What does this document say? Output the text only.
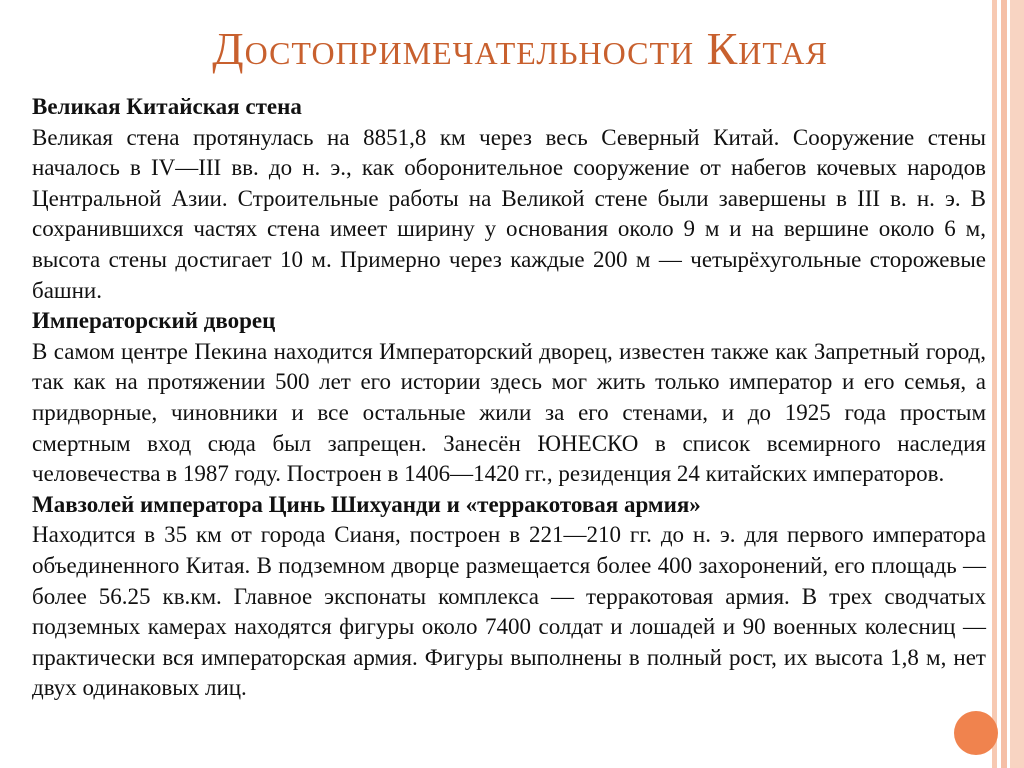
Достопримечательности Китая

Великая Китайская стена

Великая стена протянулась на 8851,8 км через весь Северный Китай. Сооружение стены началось в IV—III вв. до н. э., как оборонительное сооружение от набегов кочевых народов Центральной Азии. Строительные работы на Великой стене были завершены в III в. н. э. В сохранившихся частях стена имеет ширину у основания около 9 м и на вершине около 6 м, высота стены достигает 10 м. Примерно через каждые 200 м — четырёхугольные сторожевые башни.

Императорский дворец

В самом центре Пекина находится Императорский дворец, известен также как Запретный город, так как на протяжении 500 лет его истории здесь мог жить только император и его семья, а придворные, чиновники и все остальные жили за его стенами, и до 1925 года простым смертным вход сюда был запрещен. Занесён ЮНЕСКО в список всемирного наследия человечества в 1987 году. Построен в 1406—1420 гг., резиденция 24 китайских императоров.

Мавзолей императора Цинь Шихуанди и «терракотовая армия»

Находится в 35 км от города Сианя, построен в 221—210 гг. до н. э. для первого императора объединенного Китая. В подземном дворце размещается более 400 захоронений, его площадь — более 56.25 кв.км. Главное экспонаты комплекса — терракотовая армия. В трех сводчатых подземных камерах находятся фигуры около 7400 солдат и лошадей и 90 военных колесниц — практически вся императорская армия. Фигуры выполнены в полный рост, их высота 1,8 м, нет двух одинаковых лиц.
